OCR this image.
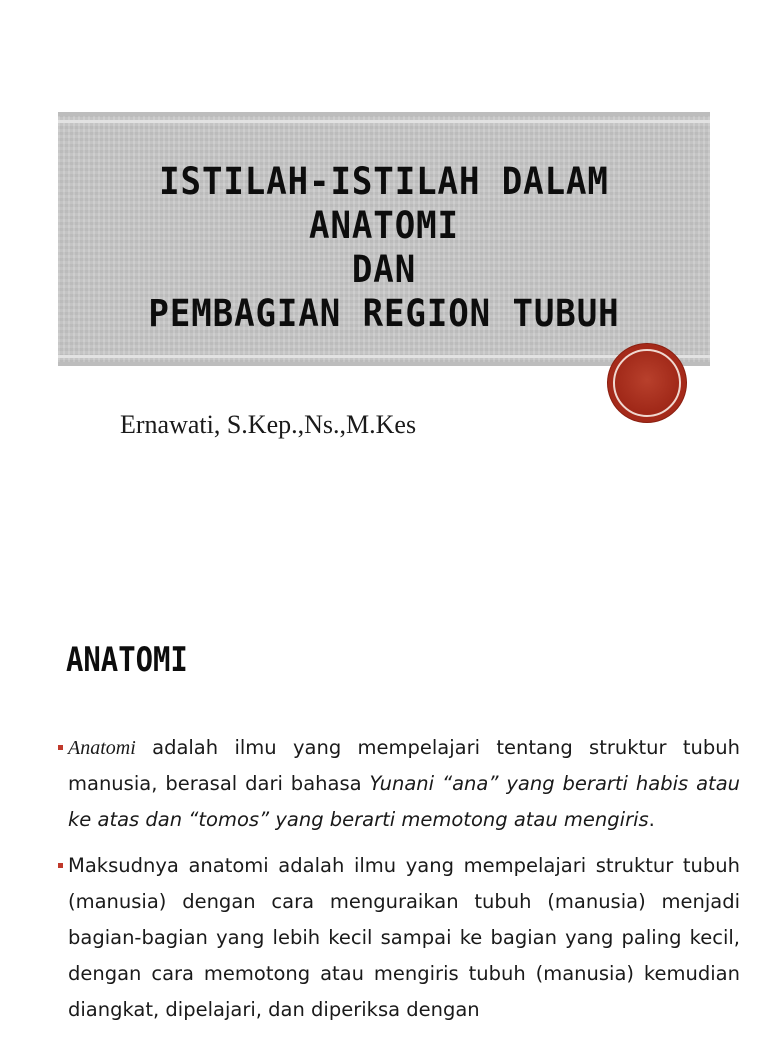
ISTILAH-ISTILAH DALAM ANATOMI
DAN
PEMBAGIAN REGION TUBUH
Ernawati, S.Kep.,Ns.,M.Kes
ANATOMI
Anatomi adalah ilmu yang mempelajari tentang struktur tubuh manusia, berasal dari bahasa Yunani “ana” yang berarti habis atau ke atas dan “tomos” yang berarti memotong atau mengiris.
Maksudnya anatomi adalah ilmu yang mempelajari struktur tubuh (manusia) dengan cara menguraikan tubuh (manusia) menjadi bagian-bagian yang lebih kecil sampai ke bagian yang paling kecil, dengan cara memotong atau mengiris tubuh (manusia) kemudian diangkat, dipelajari, dan diperiksa dengan
